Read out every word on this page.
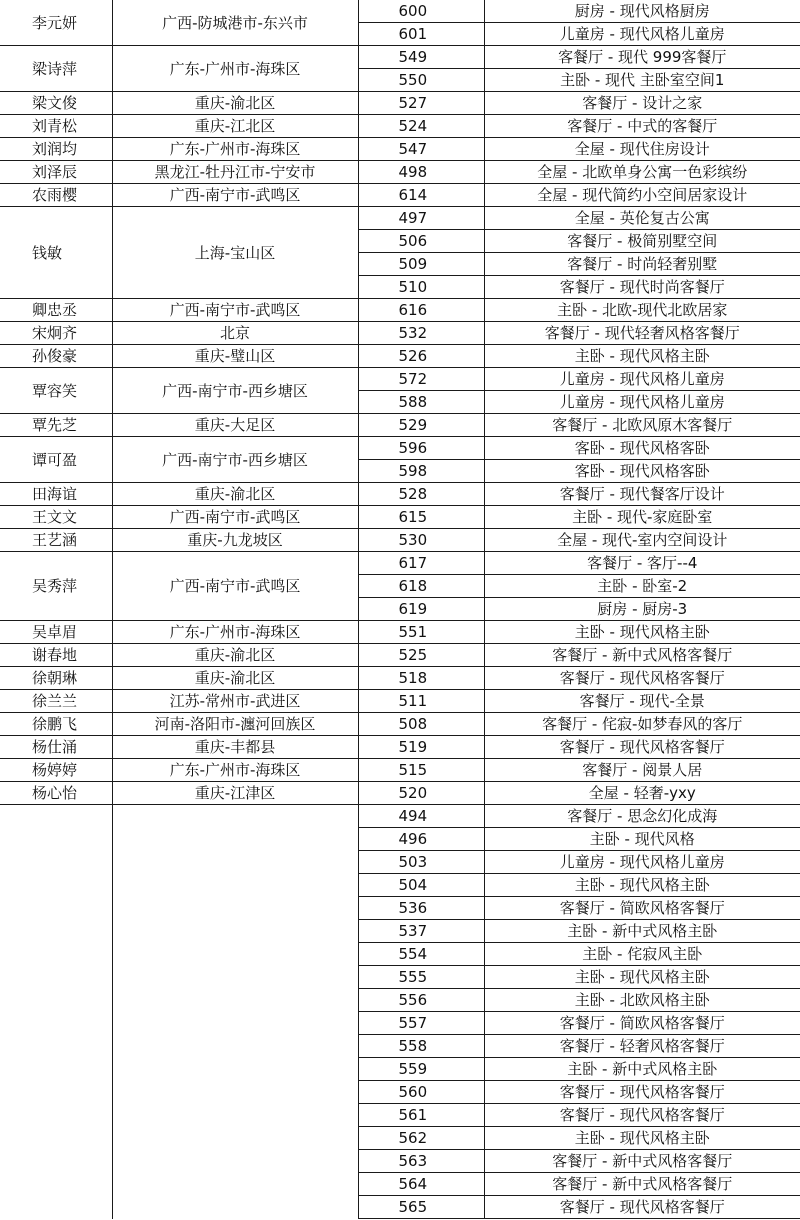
李元妍	广西-防城港市-东兴市	600	厨房 - 现代风格厨房
		601	儿童房 - 现代风格儿童房
梁诗萍	广东-广州市-海珠区	549	客餐厅 - 现代 999客餐厅
		550	主卧 - 现代 主卧室空间1
梁文俊	重庆-渝北区	527	客餐厅 - 设计之家
刘青松	重庆-江北区	524	客餐厅 - 中式的客餐厅
刘润均	广东-广州市-海珠区	547	全屋 - 现代住房设计
刘泽辰	黑龙江-牡丹江市-宁安市	498	全屋 - 北欧单身公寓一色彩缤纷
农雨樱	广西-南宁市-武鸣区	614	全屋 - 现代简约小空间居家设计
钱敏	上海-宝山区	497	全屋 - 英伦复古公寓
		506	客餐厅 - 极简别墅空间
		509	客餐厅 - 时尚轻奢别墅
		510	客餐厅 - 现代时尚客餐厅
卿忠丞	广西-南宁市-武鸣区	616	主卧 - 北欧-现代北欧居家
宋炯齐	北京	532	客餐厅 - 现代轻奢风格客餐厅
孙俊豪	重庆-璧山区	526	主卧 - 现代风格主卧
覃容笑	广西-南宁市-西乡塘区	572	儿童房 - 现代风格儿童房
		588	儿童房 - 现代风格儿童房
覃先芝	重庆-大足区	529	客餐厅 - 北欧风原木客餐厅
谭可盈	广西-南宁市-西乡塘区	596	客卧 - 现代风格客卧
		598	客卧 - 现代风格客卧
田海谊	重庆-渝北区	528	客餐厅 - 现代餐客厅设计
王文文	广西-南宁市-武鸣区	615	主卧 - 现代-家庭卧室
王艺涵	重庆-九龙坡区	530	全屋 - 现代-室内空间设计
吴秀萍	广西-南宁市-武鸣区	617	客餐厅 - 客厅--4
		618	主卧 - 卧室-2
		619	厨房 - 厨房-3
吴卓眉	广东-广州市-海珠区	551	主卧 - 现代风格主卧
谢春地	重庆-渝北区	525	客餐厅 - 新中式风格客餐厅
徐朝琳	重庆-渝北区	518	客餐厅 - 现代风格客餐厅
徐兰兰	江苏-常州市-武进区	511	客餐厅 - 现代-全景
徐鹏飞	河南-洛阳市-瀍河回族区	508	客餐厅 - 侘寂-如梦春风的客厅
杨仕涌	重庆-丰都县	519	客餐厅 - 现代风格客餐厅
杨婷婷	广东-广州市-海珠区	515	客餐厅 - 阅景人居
杨心怡	重庆-江津区	520	全屋 - 轻奢-yxy
		494	客餐厅 - 思念幻化成海
		496	主卧 - 现代风格
		503	儿童房 - 现代风格儿童房
		504	主卧 - 现代风格主卧
		536	客餐厅 - 简欧风格客餐厅
		537	主卧 - 新中式风格主卧
		554	主卧 - 侘寂风主卧
		555	主卧 - 现代风格主卧
		556	主卧 - 北欧风格主卧
		557	客餐厅 - 简欧风格客餐厅
		558	客餐厅 - 轻奢风格客餐厅
		559	主卧 - 新中式风格主卧
		560	客餐厅 - 现代风格客餐厅
		561	客餐厅 - 现代风格客餐厅
		562	主卧 - 现代风格主卧
		563	客餐厅 - 新中式风格客餐厅
		564	客餐厅 - 新中式风格客餐厅
		565	客餐厅 - 现代风格客餐厅
